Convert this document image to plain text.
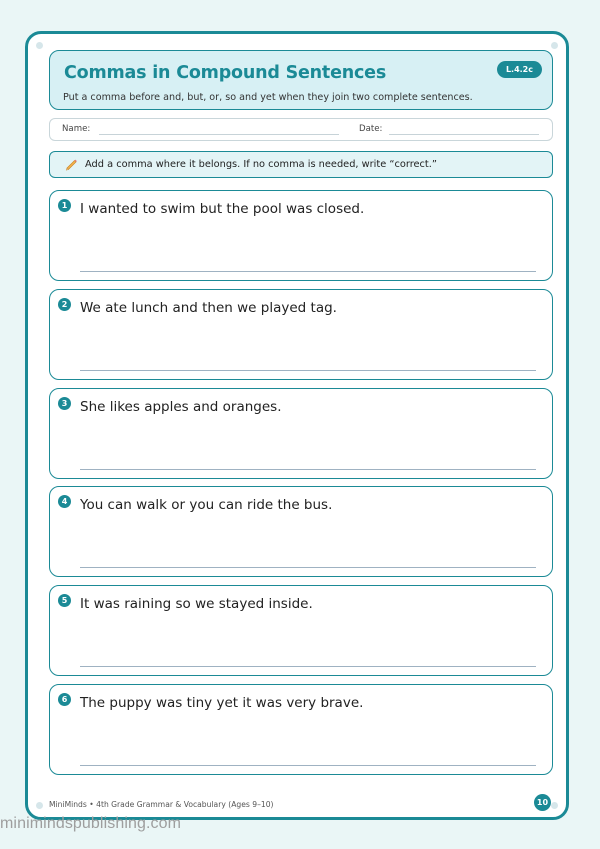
Commas in Compound Sentences
Put a comma before and, but, or, so and yet when they join two complete sentences.
L.4.2c
Name:	Date:
Add a comma where it belongs. If no comma is needed, write “correct.”
1 I wanted to swim but the pool was closed.
2 We ate lunch and then we played tag.
3 She likes apples and oranges.
4 You can walk or you can ride the bus.
5 It was raining so we stayed inside.
6 The puppy was tiny yet it was very brave.
MiniMinds • 4th Grade Grammar & Vocabulary (Ages 9–10)	10
minimindspublishing.com
